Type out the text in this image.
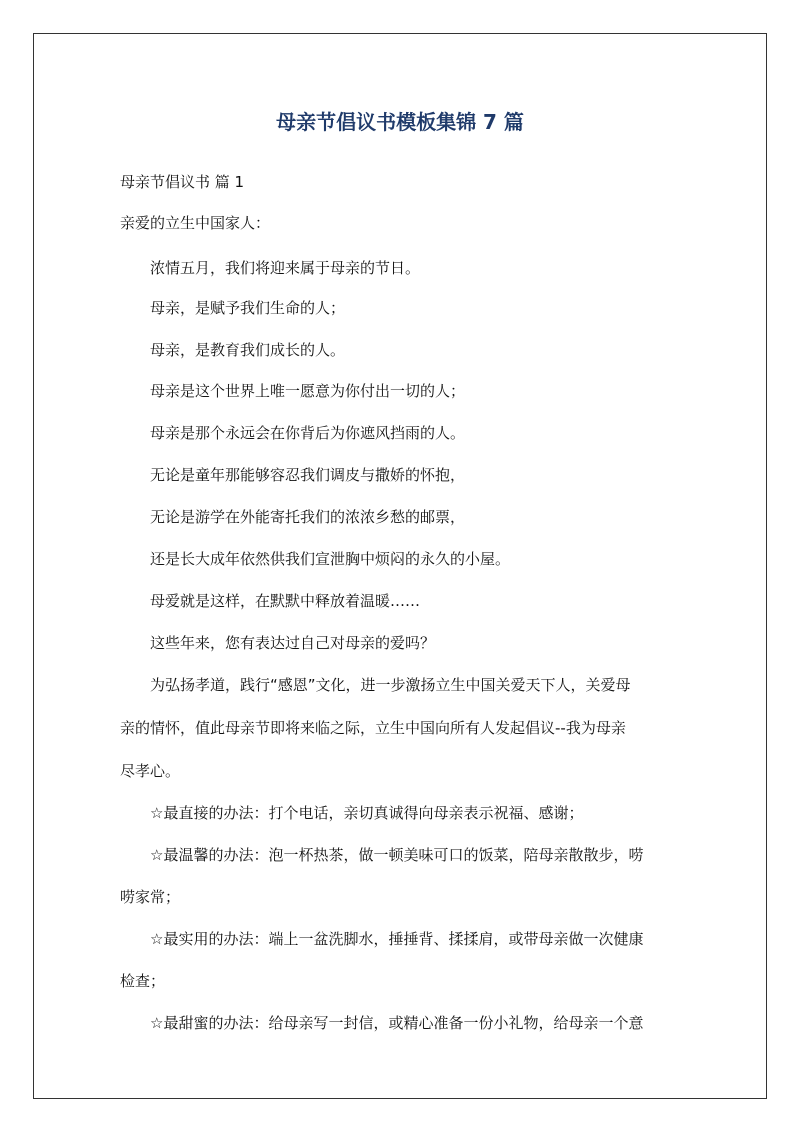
母亲节倡议书模板集锦 7 篇

母亲节倡议书 篇 1

亲爱的立生中国家人：

浓情五月，我们将迎来属于母亲的节日。

母亲，是赋予我们生命的人；

母亲，是教育我们成长的人。

母亲是这个世界上唯一愿意为你付出一切的人；

母亲是那个永远会在你背后为你遮风挡雨的人。

无论是童年那能够容忍我们调皮与撒娇的怀抱，

无论是游学在外能寄托我们的浓浓乡愁的邮票，

还是长大成年依然供我们宣泄胸中烦闷的永久的小屋。

母爱就是这样，在默默中释放着温暖……

这些年来，您有表达过自己对母亲的爱吗？

为弘扬孝道，践行“感恩”文化，进一步激扬立生中国关爱天下人，关爱母

亲的情怀，值此母亲节即将来临之际，立生中国向所有人发起倡议--我为母亲

尽孝心。

☆最直接的办法：打个电话，亲切真诚得向母亲表示祝福、感谢；

☆最温馨的办法：泡一杯热茶，做一顿美味可口的饭菜，陪母亲散散步，唠

唠家常；

☆最实用的办法：端上一盆洗脚水，捶捶背、揉揉肩，或带母亲做一次健康

检查；

☆最甜蜜的办法：给母亲写一封信，或精心准备一份小礼物，给母亲一个意
